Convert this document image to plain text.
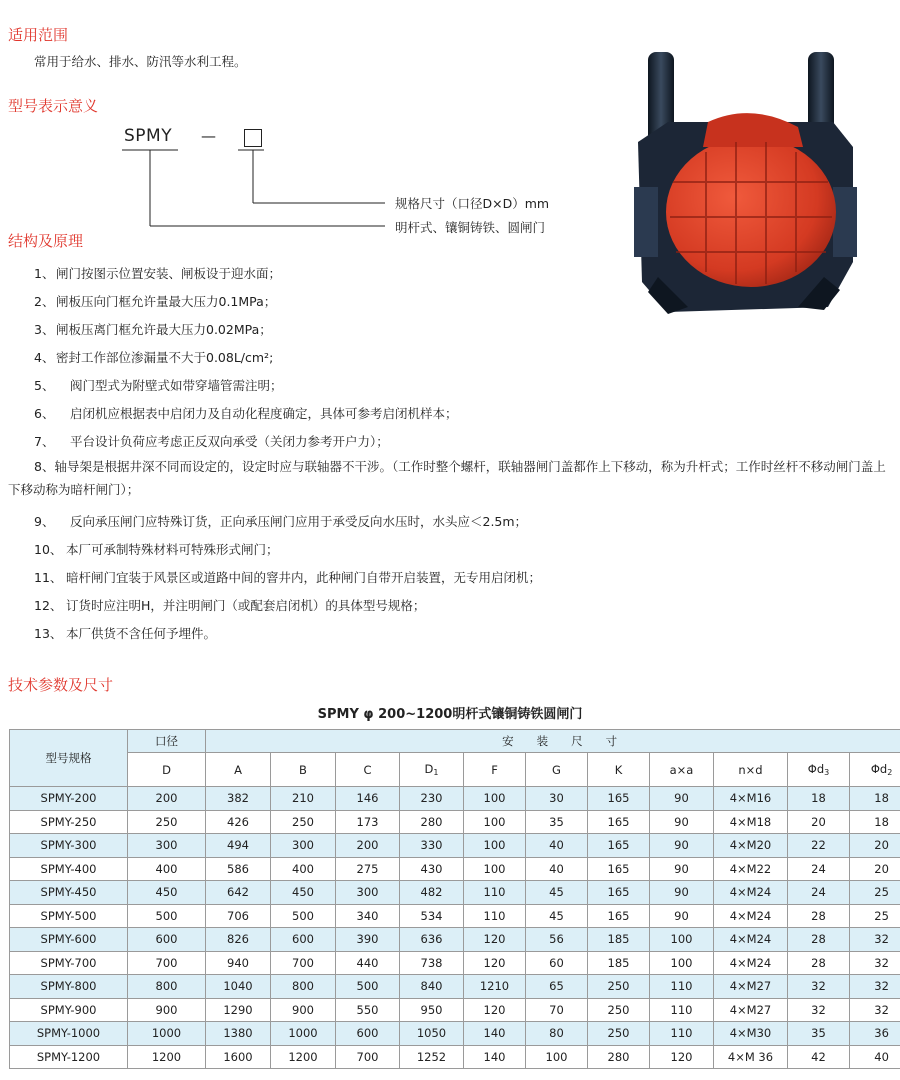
适用范围

常用于给水、排水、防汛等水利工程。

型号表示意义
SPMY —
规格尺寸（口径D×D）mm
明杆式、镶铜铸铁、圆闸门
结构及原理
1、 闸门按图示位置安装、闸板设于迎水面；
2、 闸板压向门框允许量最大压力0.1MPa；
3、 闸板压离门框允许最大压力0.02MPa；
4、 密封工作部位渗漏量不大于0.08L/cm²;
5、 阀门型式为附壁式如带穿墙管需注明；
6、 启闭机应根据表中启闭力及自动化程度确定，具体可参考启闭机样本；
7、 平台设计负荷应考虑正反双向承受（关闭力参考开户力）；
8、轴导架是根据井深不同而设定的，设定时应与联轴器不干涉。（工作时整个螺杆，联轴器闸门盖都作上下移动，称为升杆式；工作时丝杆不移动闸门盖上下移动称为暗杆闸门）；
9、 反向承压闸门应特殊订货，正向承压闸门应用于承受反向水压时，水头应＜2.5m；
10、 本厂可承制特殊材料可特殊形式闸门；
11、 暗杆闸门宜装于风景区或道路中间的窨井内，此种闸门自带开启装置，无专用启闭机；
12、 订货时应注明H，并注明闸门（或配套启闭机）的具体型号规格；
13、 本厂供货不含任何予埋件。
技术参数及尺寸
SPMY φ 200~1200明杆式镶铜铸铁圆闸门
型号规格	口径	安　　装　　尺　　寸										
	D	A	B	C	$D_1$	F	G	K	a×a	n×d	$\Phi d_3$	$\Phi d_2$
SPMY-200	200	382	210	146	230	100	30	165	90	4×M16	18	18
SPMY-250	250	426	250	173	280	100	35	165	90	4×M18	20	18
SPMY-300	300	494	300	200	330	100	40	165	90	4×M20	22	20
SPMY-400	400	586	400	275	430	100	40	165	90	4×M22	24	20
SPMY-450	450	642	450	300	482	110	45	165	90	4×M24	24	25
SPMY-500	500	706	500	340	534	110	45	165	90	4×M24	28	25
SPMY-600	600	826	600	390	636	120	56	185	100	4×M24	28	32
SPMY-700	700	940	700	440	738	120	60	185	100	4×M24	28	32
SPMY-800	800	1040	800	500	840	1210	65	250	110	4×M27	32	32
SPMY-900	900	1290	900	550	950	120	70	250	110	4×M27	32	32
SPMY-1000	1000	1380	1000	600	1050	140	80	250	110	4×M30	35	36
SPMY-1200	1200	1600	1200	700	1252	140	100	280	120	4×M 36	42	40
